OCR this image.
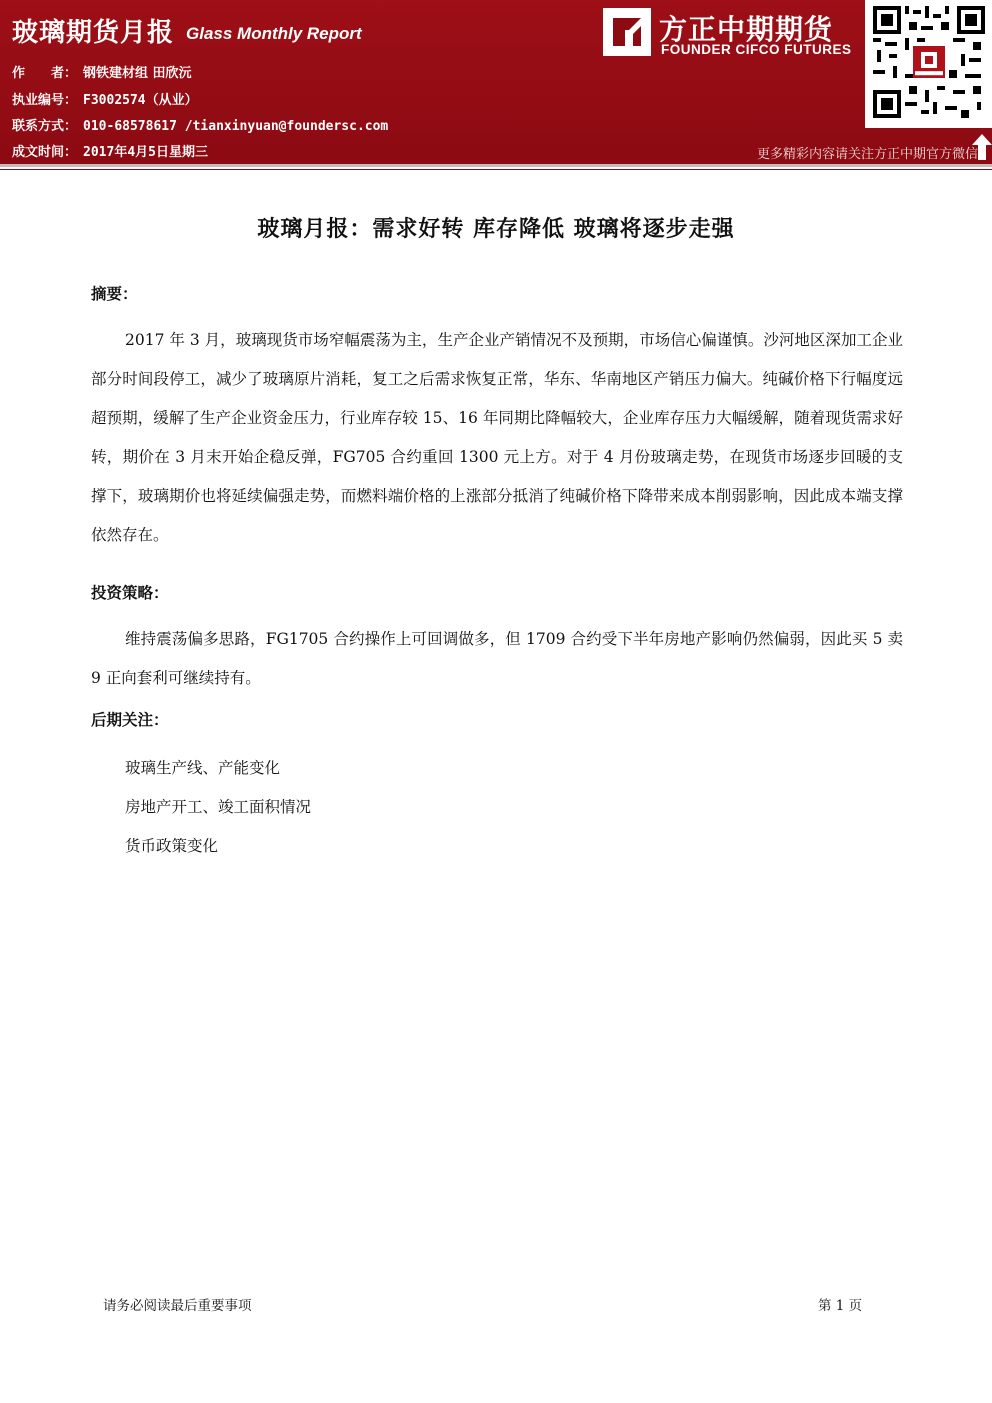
玻璃期货月报 Glass Monthly Report
作　　者： 钢铁建材组 田欣沅
执业编号： F3002574（从业）
联系方式： 010-68578617 /tianxinyuan@foundersc.com
成文时间： 2017年4月5日星期三
方正中期期货
FOUNDER CIFCO FUTURES
更多精彩内容请关注方正中期官方微信
玻璃月报：需求好转 库存降低 玻璃将逐步走强
摘要：
2017 年 3 月，玻璃现货市场窄幅震荡为主，生产企业产销情况不及预期，市场信心偏谨慎。沙河地区深加工企业部分时间段停工，减少了玻璃原片消耗，复工之后需求恢复正常，华东、华南地区产销压力偏大。纯碱价格下行幅度远超预期，缓解了生产企业资金压力，行业库存较 15、16 年同期比降幅较大，企业库存压力大幅缓解，随着现货需求好转，期价在 3 月末开始企稳反弹，FG705 合约重回 1300 元上方。对于 4 月份玻璃走势，在现货市场逐步回暖的支撑下，玻璃期价也将延续偏强走势，而燃料端价格的上涨部分抵消了纯碱价格下降带来成本削弱影响，因此成本端支撑依然存在。
投资策略：
维持震荡偏多思路，FG1705 合约操作上可回调做多，但 1709 合约受下半年房地产影响仍然偏弱，因此买 5 卖 9 正向套利可继续持有。
后期关注：
玻璃生产线、产能变化
房地产开工、竣工面积情况
货币政策变化
请务必阅读最后重要事项	第 1 页
